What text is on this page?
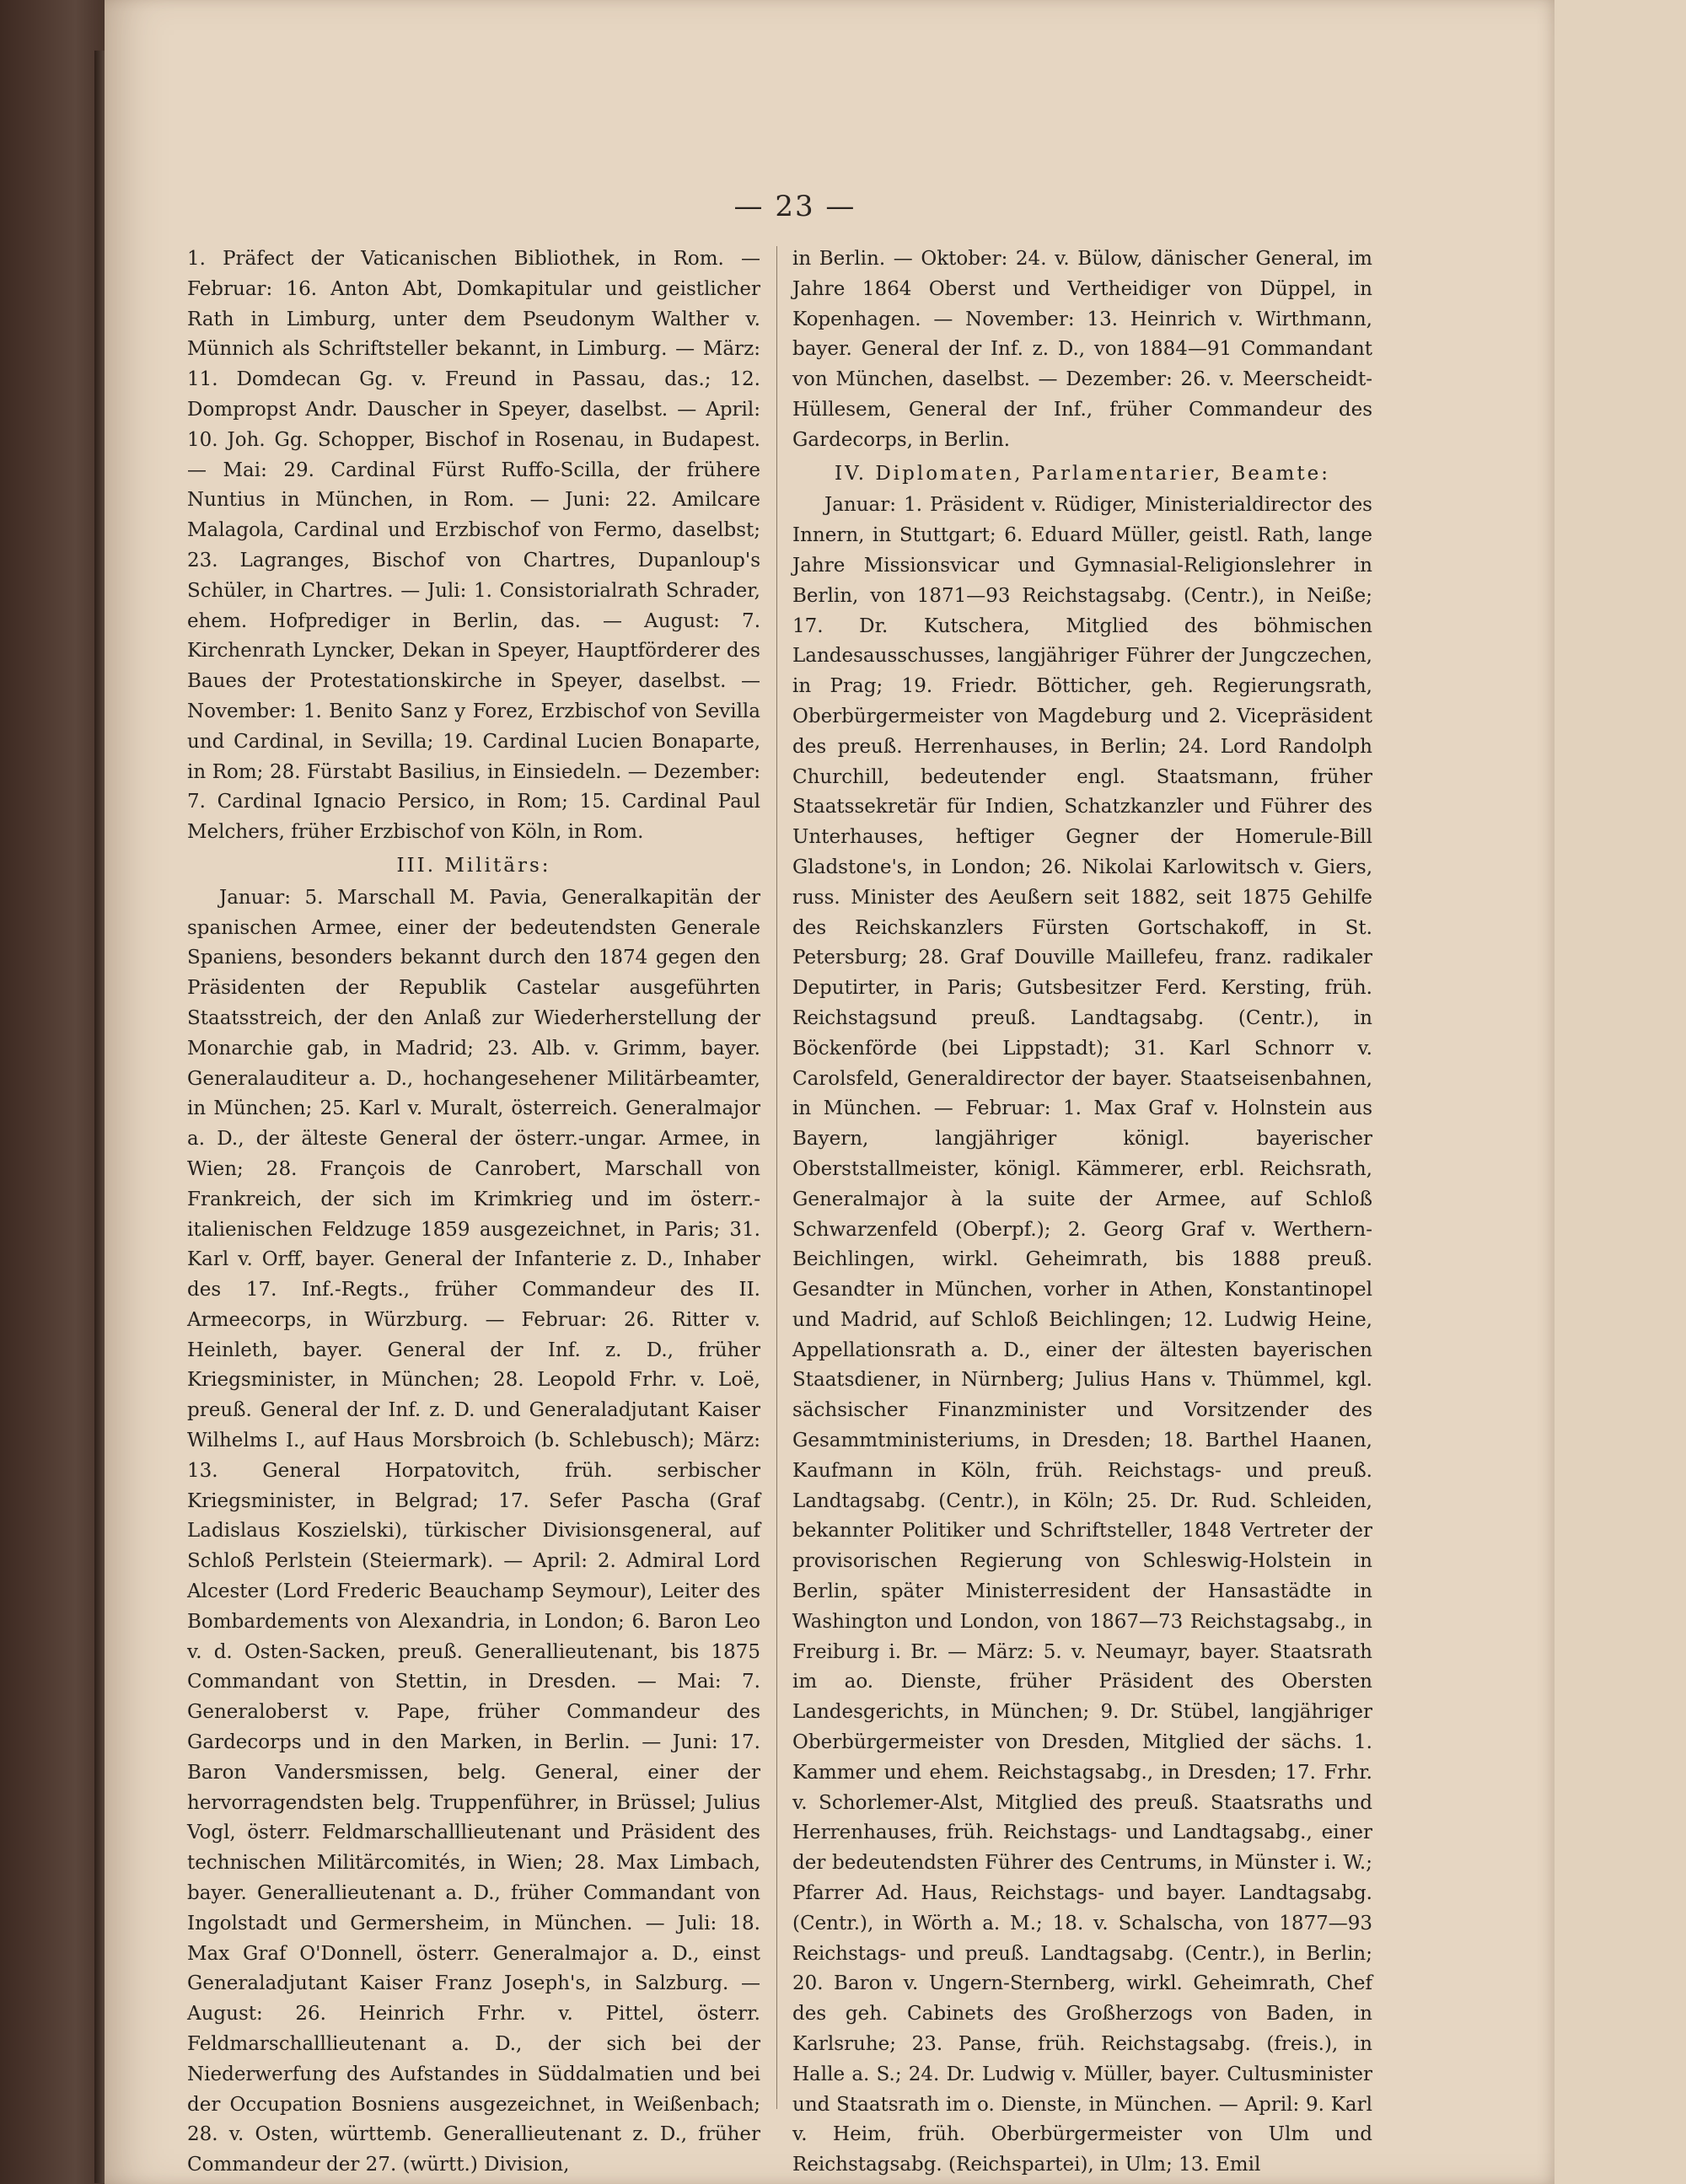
— 23 —

1. Präfect der Vaticanischen Bibliothek, in Rom. — Februar: 16. Anton Abt, Domkapitular und geistlicher Rath in Limburg, unter dem Pseudonym Walther v. Münnich als Schriftsteller bekannt, in Limburg. — März: 11. Domdecan Gg. v. Freund in Passau, das.; 12. Dompropst Andr. Dauscher in Speyer, daselbst. — April: 10. Joh. Gg. Schopper, Bischof in Rosenau, in Budapest. — Mai: 29. Cardinal Fürst Ruffo-Scilla, der frühere Nuntius in München, in Rom. — Juni: 22. Amilcare Malagola, Cardinal und Erzbischof von Fermo, daselbst; 23. Lagranges, Bischof von Chartres, Dupanloup's Schüler, in Chartres. — Juli: 1. Consistorialrath Schrader, ehem. Hofprediger in Berlin, das. — August: 7. Kirchenrath Lyncker, Dekan in Speyer, Hauptförderer des Baues der Protestationskirche in Speyer, daselbst. — November: 1. Benito Sanz y Forez, Erzbischof von Sevilla und Cardinal, in Sevilla; 19. Cardinal Lucien Bonaparte, in Rom; 28. Fürstabt Basilius, in Einsiedeln. — Dezember: 7. Cardinal Ignacio Persico, in Rom; 15. Cardinal Paul Melchers, früher Erzbischof von Köln, in Rom.

III. Militärs:

Januar: 5. Marschall M. Pavia, Generalkapitän der spanischen Armee, einer der bedeutendsten Generale Spaniens, besonders bekannt durch den 1874 gegen den Präsidenten der Republik Castelar ausgeführten Staatsstreich, der den Anlaß zur Wiederherstellung der Monarchie gab, in Madrid; 23. Alb. v. Grimm, bayer. Generalauditeur a. D., hochangesehener Militärbeamter, in München; 25. Karl v. Muralt, österreich. Generalmajor a. D., der älteste General der österr.-ungar. Armee, in Wien; 28. François de Canrobert, Marschall von Frankreich, der sich im Krimkrieg und im österr.-italienischen Feldzuge 1859 ausgezeichnet, in Paris; 31. Karl v. Orff, bayer. General der Infanterie z. D., Inhaber des 17. Inf.-Regts., früher Commandeur des II. Armeecorps, in Würzburg. — Februar: 26. Ritter v. Heinleth, bayer. General der Inf. z. D., früher Kriegsminister, in München; 28. Leopold Frhr. v. Loë, preuß. General der Inf. z. D. und Generaladjutant Kaiser Wilhelms I., auf Haus Morsbroich (b. Schlebusch); März: 13. General Horpatovitch, früh. serbischer Kriegsminister, in Belgrad; 17. Sefer Pascha (Graf Ladislaus Koszielski), türkischer Divisionsgeneral, auf Schloß Perlstein (Steiermark). — April: 2. Admiral Lord Alcester (Lord Frederic Beauchamp Seymour), Leiter des Bombardements von Alexandria, in London; 6. Baron Leo v. d. Osten-Sacken, preuß. Generallieutenant, bis 1875 Commandant von Stettin, in Dresden. — Mai: 7. Generaloberst v. Pape, früher Commandeur des Gardecorps und in den Marken, in Berlin. — Juni: 17. Baron Vandersmissen, belg. General, einer der hervorragendsten belg. Truppenführer, in Brüssel; Julius Vogl, österr. Feldmarschalllieutenant und Präsident des technischen Militärcomités, in Wien; 28. Max Limbach, bayer. Generallieutenant a. D., früher Commandant von Ingolstadt und Germersheim, in München. — Juli: 18. Max Graf O'Donnell, österr. Generalmajor a. D., einst Generaladjutant Kaiser Franz Joseph's, in Salzburg. — August: 26. Heinrich Frhr. v. Pittel, österr. Feldmarschalllieutenant a. D., der sich bei der Niederwerfung des Aufstandes in Süddalmatien und bei der Occupation Bosniens ausgezeichnet, in Weißenbach; 28. v. Osten, württemb. Generallieutenant z. D., früher Commandeur der 27. (württ.) Division,

in Berlin. — Oktober: 24. v. Bülow, dänischer General, im Jahre 1864 Oberst und Vertheidiger von Düppel, in Kopenhagen. — November: 13. Heinrich v. Wirthmann, bayer. General der Inf. z. D., von 1884—91 Commandant von München, daselbst. — Dezember: 26. v. Meerscheidt-Hüllesem, General der Inf., früher Commandeur des Gardecorps, in Berlin.

IV. Diplomaten, Parlamentarier, Beamte:

Januar: 1. Präsident v. Rüdiger, Ministerialdirector des Innern, in Stuttgart; 6. Eduard Müller, geistl. Rath, lange Jahre Missionsvicar und Gymnasial-Religionslehrer in Berlin, von 1871—93 Reichstagsabg. (Centr.), in Neiße; 17. Dr. Kutschera, Mitglied des böhmischen Landesausschusses, langjähriger Führer der Jungczechen, in Prag; 19. Friedr. Bötticher, geh. Regierungsrath, Oberbürgermeister von Magdeburg und 2. Vicepräsident des preuß. Herrenhauses, in Berlin; 24. Lord Randolph Churchill, bedeutender engl. Staatsmann, früher Staatssekretär für Indien, Schatzkanzler und Führer des Unterhauses, heftiger Gegner der Homerule-Bill Gladstone's, in London; 26. Nikolai Karlowitsch v. Giers, russ. Minister des Aeußern seit 1882, seit 1875 Gehilfe des Reichskanzlers Fürsten Gortschakoff, in St. Petersburg; 28. Graf Douville Maillefeu, franz. radikaler Deputirter, in Paris; Gutsbesitzer Ferd. Kersting, früh. Reichstagsund preuß. Landtagsabg. (Centr.), in Böckenförde (bei Lippstadt); 31. Karl Schnorr v. Carolsfeld, Generaldirector der bayer. Staatseisenbahnen, in München. — Februar: 1. Max Graf v. Holnstein aus Bayern, langjähriger königl. bayerischer Oberststallmeister, königl. Kämmerer, erbl. Reichsrath, Generalmajor à la suite der Armee, auf Schloß Schwarzenfeld (Oberpf.); 2. Georg Graf v. Werthern-Beichlingen, wirkl. Geheimrath, bis 1888 preuß. Gesandter in München, vorher in Athen, Konstantinopel und Madrid, auf Schloß Beichlingen; 12. Ludwig Heine, Appellationsrath a. D., einer der ältesten bayerischen Staatsdiener, in Nürnberg; Julius Hans v. Thümmel, kgl. sächsischer Finanzminister und Vorsitzender des Gesammtministeriums, in Dresden; 18. Barthel Haanen, Kaufmann in Köln, früh. Reichstags- und preuß. Landtagsabg. (Centr.), in Köln; 25. Dr. Rud. Schleiden, bekannter Politiker und Schriftsteller, 1848 Vertreter der provisorischen Regierung von Schleswig-Holstein in Berlin, später Ministerresident der Hansastädte in Washington und London, von 1867—73 Reichstagsabg., in Freiburg i. Br. — März: 5. v. Neumayr, bayer. Staatsrath im ao. Dienste, früher Präsident des Obersten Landesgerichts, in München; 9. Dr. Stübel, langjähriger Oberbürgermeister von Dresden, Mitglied der sächs. 1. Kammer und ehem. Reichstagsabg., in Dresden; 17. Frhr. v. Schorlemer-Alst, Mitglied des preuß. Staatsraths und Herrenhauses, früh. Reichstags- und Landtagsabg., einer der bedeutendsten Führer des Centrums, in Münster i. W.; Pfarrer Ad. Haus, Reichstags- und bayer. Landtagsabg. (Centr.), in Wörth a. M.; 18. v. Schalscha, von 1877—93 Reichstags- und preuß. Landtagsabg. (Centr.), in Berlin; 20. Baron v. Ungern-Sternberg, wirkl. Geheimrath, Chef des geh. Cabinets des Großherzogs von Baden, in Karlsruhe; 23. Panse, früh. Reichstagsabg. (freis.), in Halle a. S.; 24. Dr. Ludwig v. Müller, bayer. Cultusminister und Staatsrath im o. Dienste, in München. — April: 9. Karl v. Heim, früh. Oberbürgermeister von Ulm und Reichstagsabg. (Reichspartei), in Ulm; 13. Emil
